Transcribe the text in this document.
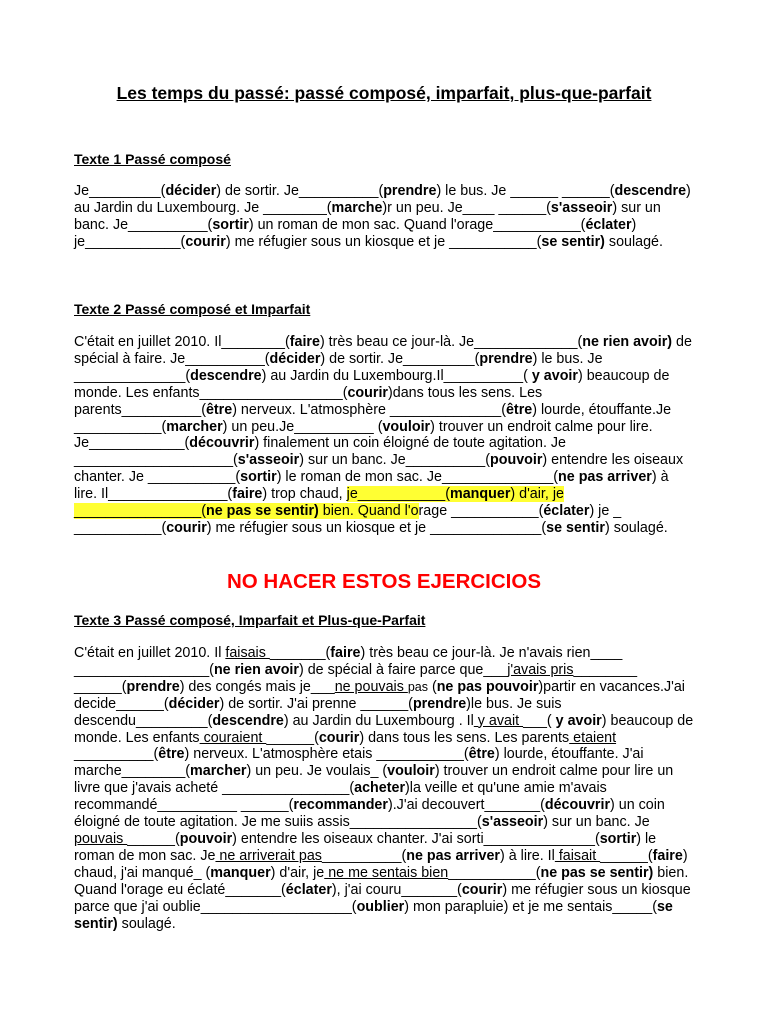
Les temps du passé: passé composé, imparfait, plus-que-parfait
Texte 1 Passé composé

Je_________(décider) de sortir. Je__________(prendre) le bus. Je ______ ______(descendre) au Jardin du Luxembourg. Je ________(marche)r un peu. Je____ ______(s'asseoir) sur un banc. Je__________(sortir) un roman de mon sac. Quand l'orage___________(éclater) je____________(courir) me réfugier sous un kiosque et je ___________(se sentir) soulagé.

Texte 2 Passé composé et Imparfait

C'était en juillet 2010. Il________(faire) très beau ce jour-là. Je_____________(ne rien avoir) de spécial à faire. Je__________(décider) de sortir. Je_________(prendre) le bus. Je ______________(descendre) au Jardin du Luxembourg.Il__________( y avoir) beaucoup de monde. Les enfants__________________(courir)dans tous les sens. Les parents__________(être) nerveux. L'atmosphère ______________(être) lourde, étouffante.Je ___________(marcher) un peu.Je__________ (vouloir) trouver un endroit calme pour lire. Je____________(découvrir) finalement un coin éloigné de toute agitation. Je ____________________(s'asseoir) sur un banc. Je__________(pouvoir) entendre les oiseaux chanter. Je ___________(sortir) le roman de mon sac. Je______________(ne pas arriver) à lire. Il_______________(faire) trop chaud, je___________(manquer) d'air, je ________________(ne pas se sentir) bien. Quand l'orage ___________(éclater) je _ ___________(courir) me réfugier sous un kiosque et je ______________(se sentir) soulagé.

NO HACER ESTOS EJERCICIOS
Texte 3 Passé composé, Imparfait et Plus-que-Parfait

C'était en juillet 2010. Il faisais _______(faire) très beau ce jour-là. Je n'avais rien____ _________________(ne rien avoir) de spécial à faire parce que___j'avais pris________ ______(prendre) des congés mais je___ne pouvais pas (ne pas pouvoir)partir en vacances.J'ai decide______(décider) de sortir. J'ai prenne ______(prendre)le bus. Je suis descendu_________(descendre) au Jardin du Luxembourg . Il y avait ___( y avoir) beaucoup de monde. Les enfants couraient ______(courir) dans tous les sens. Les parents etaient __________(être) nerveux. L'atmosphère etais ___________(être) lourde, étouffante. J'ai marche________(marcher) un peu. Je voulais_ (vouloir) trouver un endroit calme pour lire un livre que j'avais acheté ________________(acheter)la veille et qu'une amie m'avais recommandé__________ ______(recommander).J'ai decouvert_______(découvrir) un coin éloigné de toute agitation. Je me suiis assis________________(s'asseoir) sur un banc. Je pouvais ______(pouvoir) entendre les oiseaux chanter. J'ai sorti______________(sortir) le roman de mon sac. Je ne arriverait pas__________(ne pas arriver) à lire. Il faisait ______(faire) chaud, j'ai manqué_ (manquer) d'air, je ne me sentais bien___________(ne pas se sentir) bien. Quand l'orage eu éclaté_______(éclater), j'ai couru_______(courir) me réfugier sous un kiosque parce que j'ai oublie___________________(oublier) mon parapluie) et je me sentais_____(se sentir) soulagé.
